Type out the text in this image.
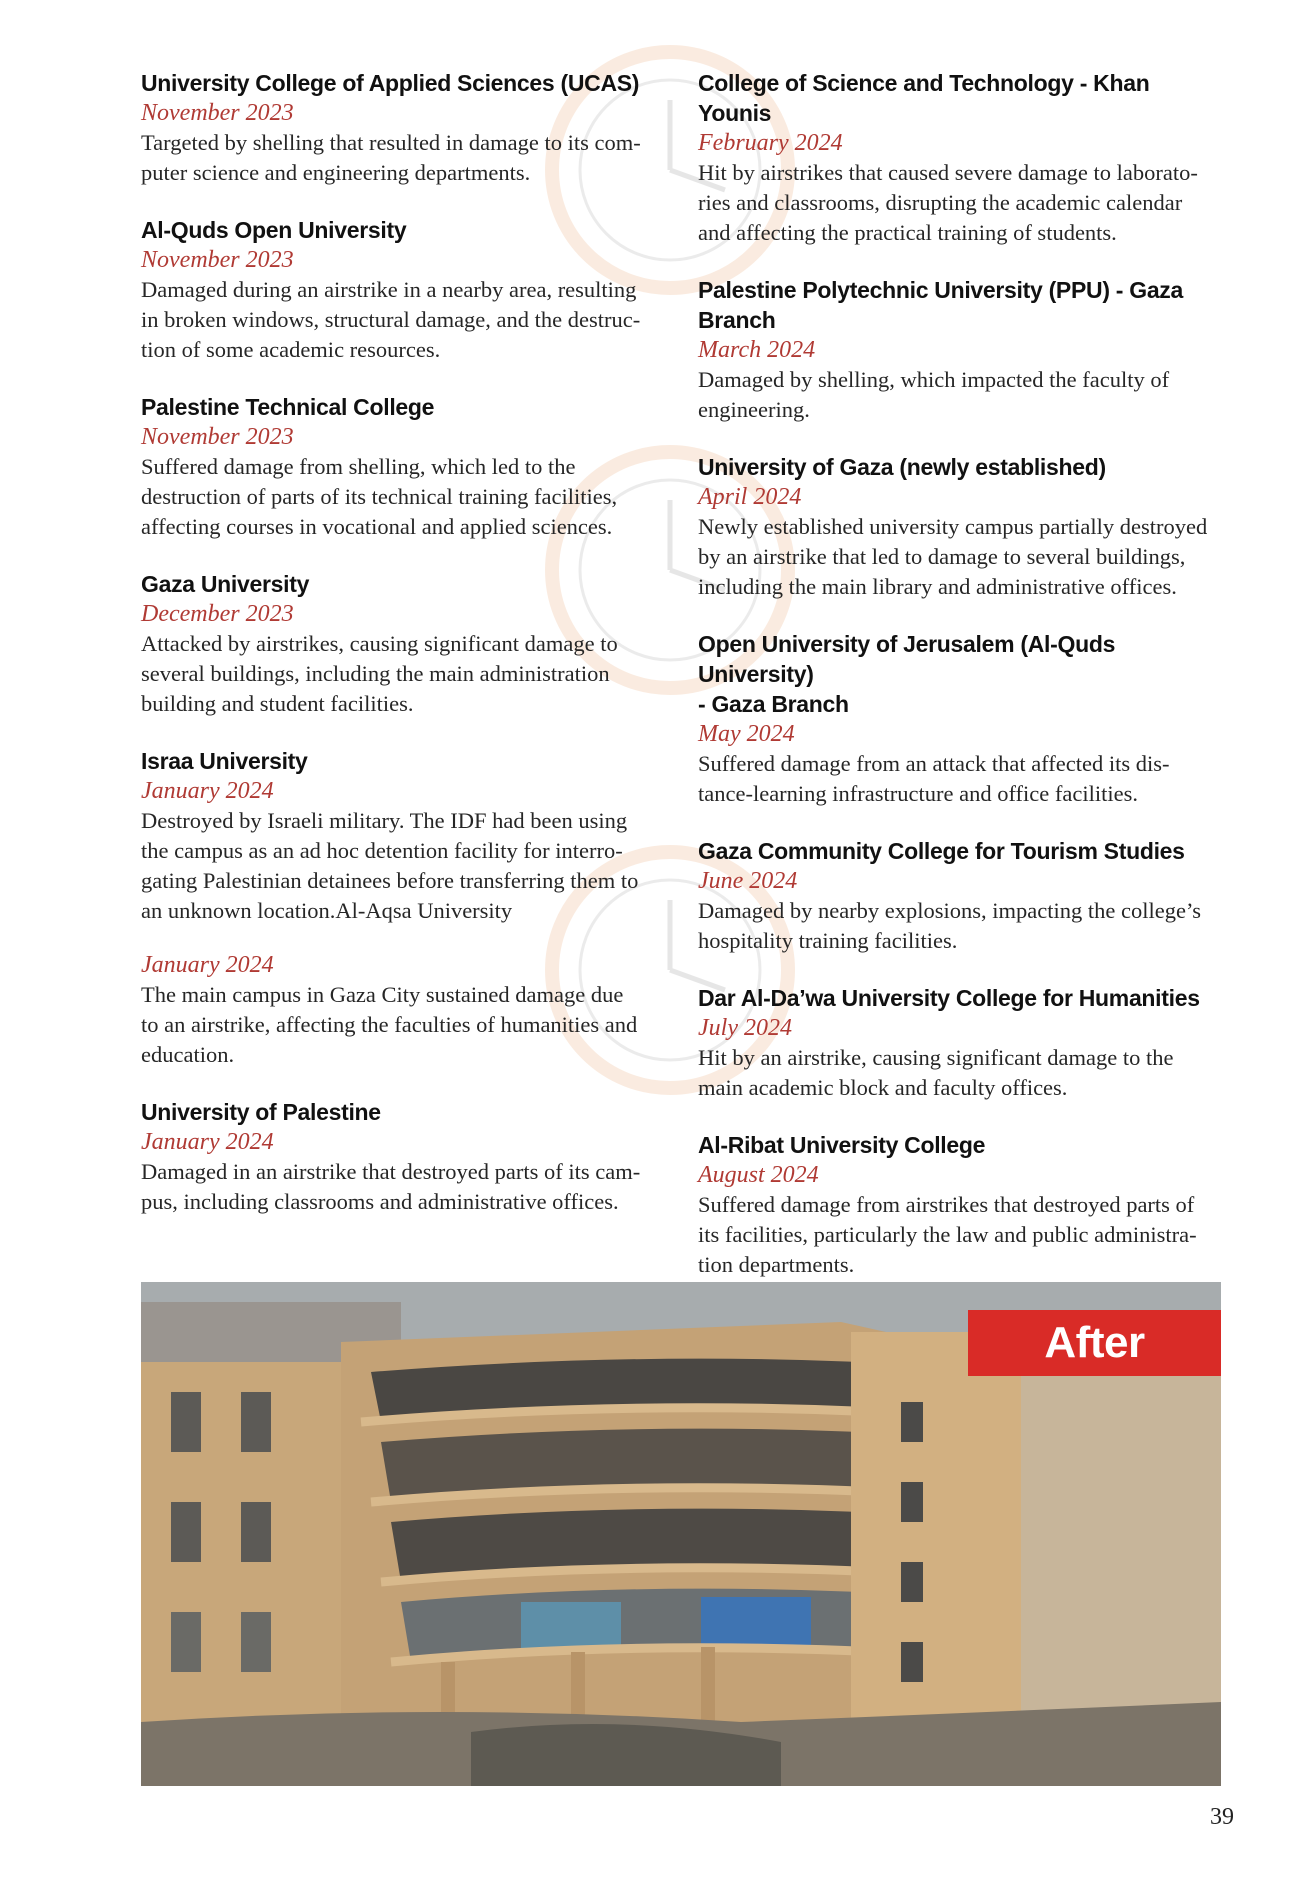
University College of Applied Sciences (UCAS)
November 2023
Targeted by shelling that resulted in damage to its com-
puter science and engineering departments.
Al-Quds Open University
November 2023
Damaged during an airstrike in a nearby area, resulting
in broken windows, structural damage, and the destruc-
tion of some academic resources.
Palestine Technical College
November 2023
Suffered damage from shelling, which led to the
destruction of parts of its technical training facilities,
affecting courses in vocational and applied sciences.
Gaza University
December 2023
Attacked by airstrikes, causing significant damage to
several buildings, including the main administration
building and student facilities.
Israa University
January 2024
Destroyed by Israeli military. The IDF had been using
the campus as an ad hoc detention facility for interro-
gating Palestinian detainees before transferring them to
an unknown location.Al-Aqsa University
January 2024
The main campus in Gaza City sustained damage due
to an airstrike, affecting the faculties of humanities and
education.
University of Palestine
January 2024
Damaged in an airstrike that destroyed parts of its cam-
pus, including classrooms and administrative offices.
College of Science and Technology - Khan Younis
February 2024
Hit by airstrikes that caused severe damage to laborato-
ries and classrooms, disrupting the academic calendar
and affecting the practical training of students.
Palestine Polytechnic University (PPU) - Gaza
Branch
March 2024
Damaged by shelling, which impacted the faculty of
engineering.
University of Gaza (newly established)
April 2024
Newly established university campus partially destroyed
by an airstrike that led to damage to several buildings,
including the main library and administrative offices.
Open University of Jerusalem (Al-Quds University)
- Gaza Branch
May 2024
Suffered damage from an attack that affected its dis-
tance-learning infrastructure and office facilities.
Gaza Community College for Tourism Studies
June 2024
Damaged by nearby explosions, impacting the college’s
hospitality training facilities.
Dar Al-Da’wa University College for Humanities
July 2024
Hit by an airstrike, causing significant damage to the
main academic block and faculty offices.
Al-Ribat University College
August 2024
Suffered damage from airstrikes that destroyed parts of
its facilities, particularly the law and public administra-
tion departments.
After
39
